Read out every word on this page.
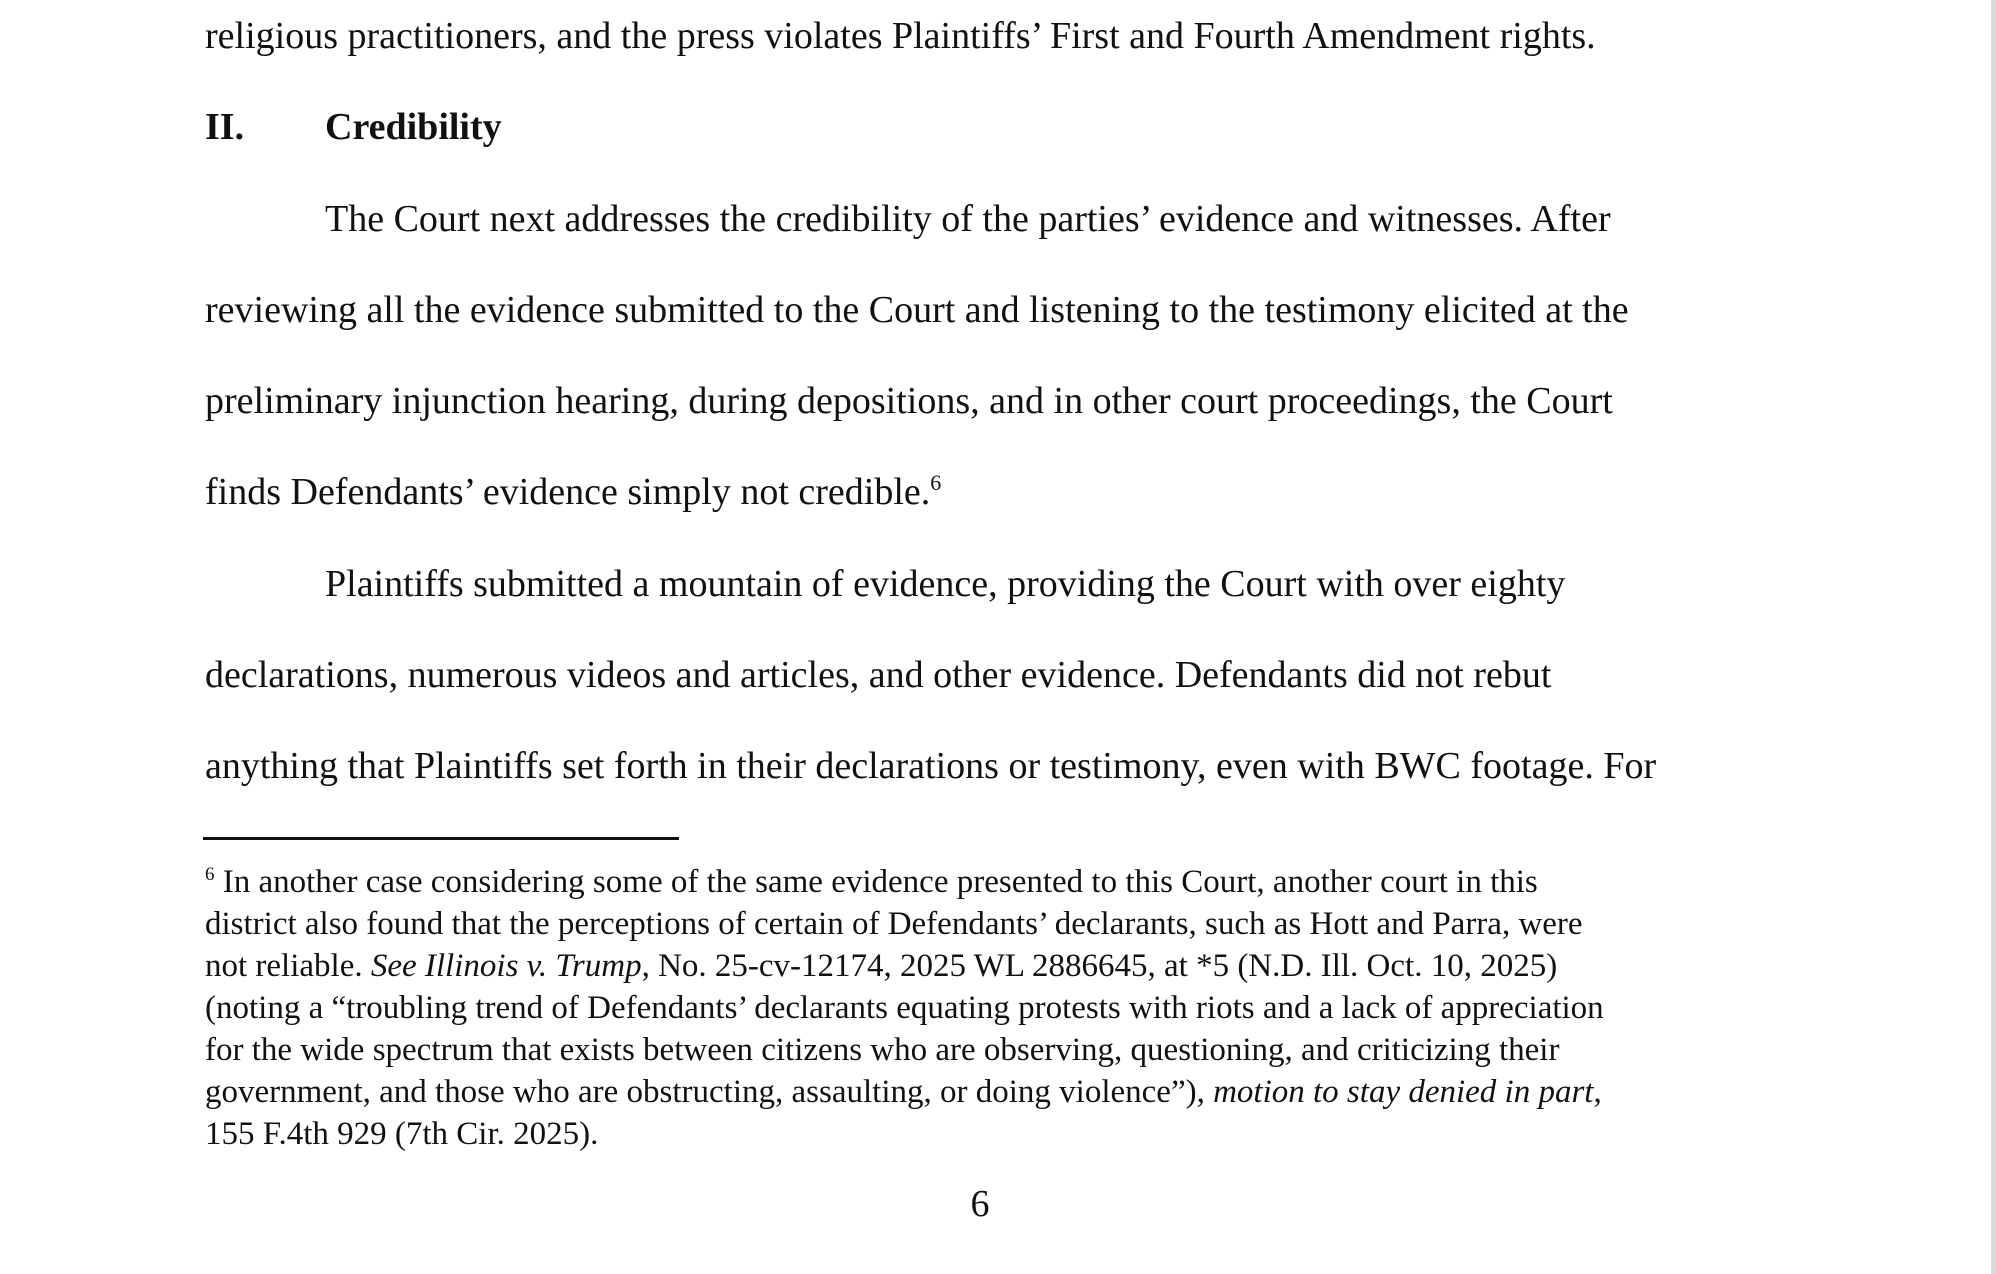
religious practitioners, and the press violates Plaintiffs’ First and Fourth Amendment rights.
II. Credibility
The Court next addresses the credibility of the parties’ evidence and witnesses. After
reviewing all the evidence submitted to the Court and listening to the testimony elicited at the
preliminary injunction hearing, during depositions, and in other court proceedings, the Court
finds Defendants’ evidence simply not credible.$^6$
Plaintiffs submitted a mountain of evidence, providing the Court with over eighty
declarations, numerous videos and articles, and other evidence. Defendants did not rebut
anything that Plaintiffs set forth in their declarations or testimony, even with BWC footage. For
$^6$ In another case considering some of the same evidence presented to this Court, another court in this
district also found that the perceptions of certain of Defendants’ declarants, such as Hott and Parra, were
not reliable. See Illinois v. Trump, No. 25-cv-12174, 2025 WL 2886645, at *5 (N.D. Ill. Oct. 10, 2025)
(noting a “troubling trend of Defendants’ declarants equating protests with riots and a lack of appreciation
for the wide spectrum that exists between citizens who are observing, questioning, and criticizing their
government, and those who are obstructing, assaulting, or doing violence”), motion to stay denied in part,
155 F.4th 929 (7th Cir. 2025).
6
